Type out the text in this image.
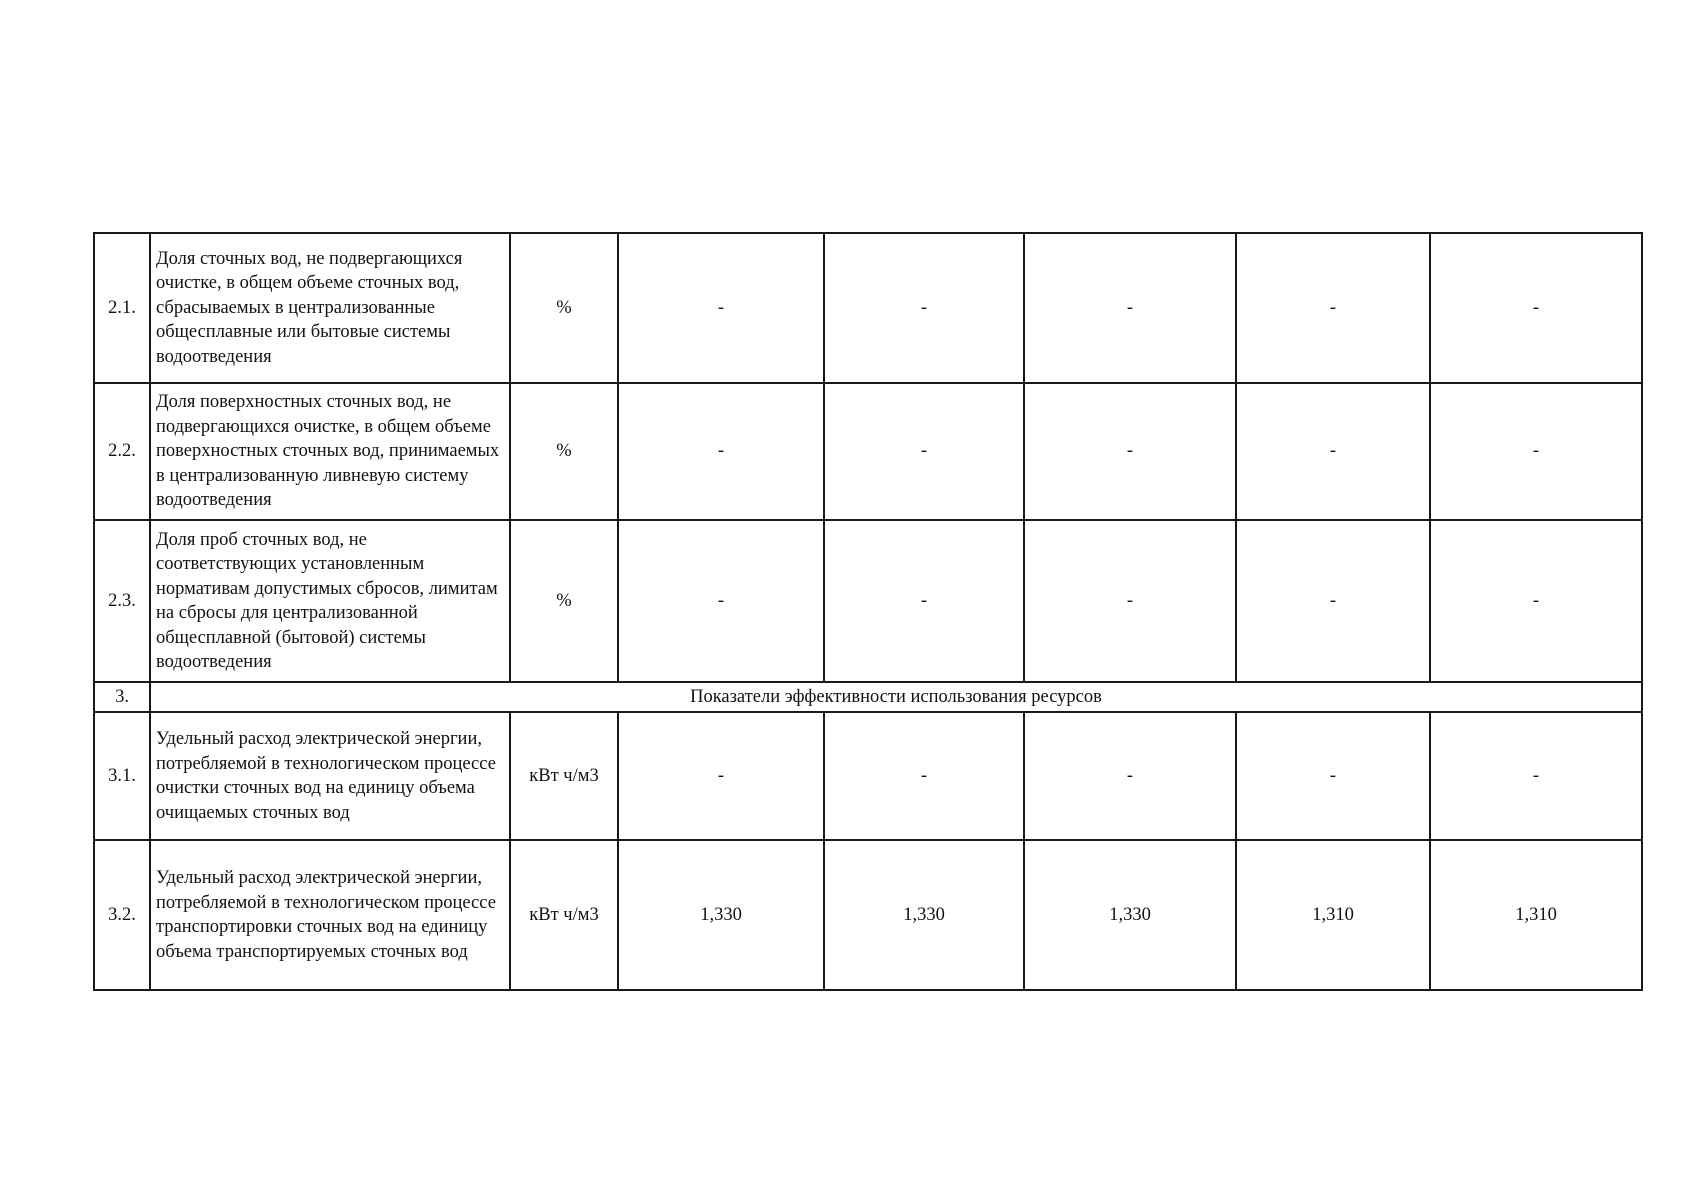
2.1.	Доля сточных вод, не подвергающихся очистке, в общем объеме сточных вод, сбрасываемых в централизованные общесплавные или бытовые системы водоотведения	%	-	-	-	-	-
2.2.	Доля поверхностных сточных вод, не подвергающихся очистке, в общем объеме поверхностных сточных вод, принимаемых в централизованную ливневую систему водоотведения	%	-	-	-	-	-
2.3.	Доля проб сточных вод, не соответствующих установленным нормативам допустимых сбросов, лимитам на сбросы для централизованной общесплавной (бытовой) системы водоотведения	%	-	-	-	-	-
3.	Показатели эффективности использования ресурсов						
3.1.	Удельный расход электрической энергии, потребляемой в технологическом процессе очистки сточных вод на единицу объема очищаемых сточных вод	кВт ч/м3	-	-	-	-	-
3.2.	Удельный расход электрической энергии, потребляемой в технологическом процессе транспортировки сточных вод на единицу объема транспортируемых сточных вод	кВт ч/м3	1,330	1,330	1,330	1,310	1,310
